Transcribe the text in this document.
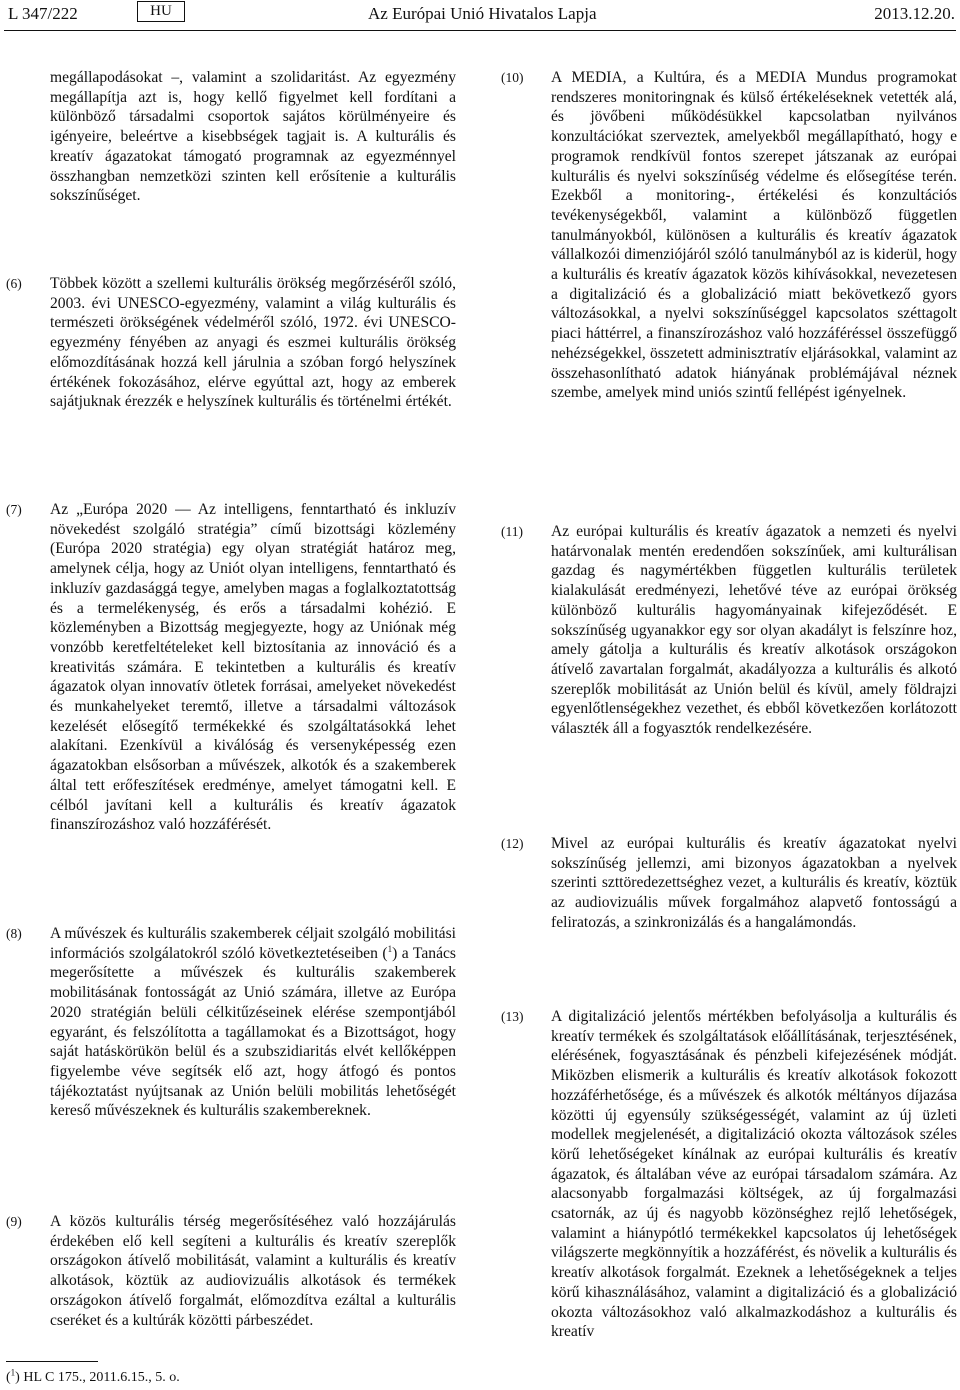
L 347/222	HU	Az Európai Unió Hivatalos Lapja	2013.12.20.
megállapodásokat –, valamint a szolidaritást. Az egyezmény megállapítja azt is, hogy kellő figyelmet kell fordítani a különböző társadalmi csoportok sajátos körülményeire és igényeire, beleértve a kisebbségek tagjait is. A kulturális és kreatív ágazatokat támogató programnak az egyezménnyel összhangban nemzetközi szinten kell erősítenie a kulturális sokszínűséget.
(6) Többek között a szellemi kulturális örökség megőrzéséről szóló, 2003. évi UNESCO-egyezmény, valamint a világ kulturális és természeti örökségének védelméről szóló, 1972. évi UNESCO-egyezmény fényében az anyagi és eszmei kulturális örökség előmozdításának hozzá kell járulnia a szóban forgó helyszínek értékének fokozásához, elérve egyúttal azt, hogy az emberek sajátjuknak érezzék e helyszínek kulturális és történelmi értékét.
(7) Az „Európa 2020 — Az intelligens, fenntartható és inkluzív növekedést szolgáló stratégia” című bizottsági közlemény (Európa 2020 stratégia) egy olyan stratégiát határoz meg, amelynek célja, hogy az Uniót olyan intelligens, fenntartható és inkluzív gazdasággá tegye, amelyben magas a foglalkoztatottság és a termelékenység, és erős a társadalmi kohézió. E közleményben a Bizottság megjegyezte, hogy az Uniónak még vonzóbb keretfeltételeket kell biztosítania az innováció és a kreativitás számára. E tekintetben a kulturális és kreatív ágazatok olyan innovatív ötletek forrásai, amelyeket növekedést és munkahelyeket teremtő, illetve a társadalmi változások kezelését elősegítő termékekké és szolgáltatásokká lehet alakítani. Ezenkívül a kiválóság és versenyképesség ezen ágazatokban elsősorban a művészek, alkotók és a szakemberek által tett erőfeszítések eredménye, amelyet támogatni kell. E célból javítani kell a kulturális és kreatív ágazatok finanszírozáshoz való hozzáférését.
(8) A művészek és kulturális szakemberek céljait szolgáló mobilitási információs szolgálatokról szóló következtetéseiben ($^1$) a Tanács megerősítette a művészek és kulturális szakemberek mobilitásának fontosságát az Unió számára, illetve az Európa 2020 stratégián belüli célkitűzéseinek elérése szempontjából egyaránt, és felszólította a tagállamokat és a Bizottságot, hogy saját hatáskörükön belül és a szubszidiaritás elvét kellőképpen figyelembe véve segítsék elő azt, hogy átfogó és pontos tájékoztatást nyújtsanak az Unión belüli mobilitás lehetőségét kereső művészeknek és kulturális szakembereknek.
(9) A közös kulturális térség megerősítéséhez való hozzájárulás érdekében elő kell segíteni a kulturális és kreatív szereplők országokon átívelő mobilitását, valamint a kulturális és kreatív alkotások, köztük az audiovizuális alkotások és termékek országokon átívelő forgalmát, előmozdítva ezáltal a kulturális cseréket és a kultúrák közötti párbeszédet.
(10) A MEDIA, a Kultúra, és a MEDIA Mundus programokat rendszeres monitoringnak és külső értékeléseknek vetették alá, és jövőbeni működésükkel kapcsolatban nyilvános konzultációkat szerveztek, amelyekből megállapítható, hogy e programok rendkívül fontos szerepet játszanak az európai kulturális és nyelvi sokszínűség védelme és elősegítése terén. Ezekből a monitoring-, értékelési és konzultációs tevékenységekből, valamint a különböző független tanulmányokból, különösen a kulturális és kreatív ágazatok vállalkozói dimenziójáról szóló tanulmányból az is kiderül, hogy a kulturális és kreatív ágazatok közös kihívásokkal, nevezetesen a digitalizáció és a globalizáció miatt bekövetkező gyors változásokkal, a nyelvi sokszínűséggel kapcsolatos széttagolt piaci háttérrel, a finanszírozáshoz való hozzáféréssel összefüggő nehézségekkel, összetett adminisztratív eljárásokkal, valamint az összehasonlítható adatok hiányának problémájával néznek szembe, amelyek mind uniós szintű fellépést igényelnek.
(11) Az európai kulturális és kreatív ágazatok a nemzeti és nyelvi határvonalak mentén eredendően sokszínűek, ami kulturálisan gazdag és nagymértékben független kulturális területek kialakulását eredményezi, lehetővé téve az európai örökség különböző kulturális hagyományainak kifejeződését. E sokszínűség ugyanakkor egy sor olyan akadályt is felszínre hoz, amely gátolja a kulturális és kreatív alkotások országokon átívelő zavartalan forgalmát, akadályozza a kulturális és alkotó szereplők mobilitását az Unión belül és kívül, amely földrajzi egyenlőtlenségekhez vezethet, és ebből következően korlátozott választék áll a fogyasztók rendelkezésére.
(12) Mivel az európai kulturális és kreatív ágazatokat nyelvi sokszínűség jellemzi, ami bizonyos ágazatokban a nyelvek szerinti szttöredezettséghez vezet, a kulturális és kreatív, köztük az audiovizuális művek forgalmához alapvető fontosságú a feliratozás, a szinkronizálás és a hangalámondás.
(13) A digitalizáció jelentős mértékben befolyásolja a kulturális és kreatív termékek és szolgáltatások előállításának, terjesztésének, elérésének, fogyasztásának és pénzbeli kifejezésének módját. Miközben elismerik a kulturális és kreatív alkotások fokozott hozzáférhetősége, és a művészek és alkotók méltányos díjazása közötti új egyensúly szükségességét, valamint az új üzleti modellek megjelenését, a digitalizáció okozta változások széles körű lehetőségeket kínálnak az európai kulturális és kreatív ágazatok, és általában véve az európai társadalom számára. Az alacsonyabb forgalmazási költségek, az új forgalmazási csatornák, az új és nagyobb közönséghez rejlő lehetőségek, valamint a hiánypótló termékekkel kapcsolatos új lehetőségek világszerte megkönnyítik a hozzáférést, és növelik a kulturális és kreatív alkotások forgalmát. Ezeknek a lehetőségeknek a teljes körű kihasználásához, valamint a digitalizáció és a globalizáció okozta változásokhoz való alkalmazkodáshoz a kulturális és kreatív
($^1$) HL C 175., 2011.6.15., 5. o.
